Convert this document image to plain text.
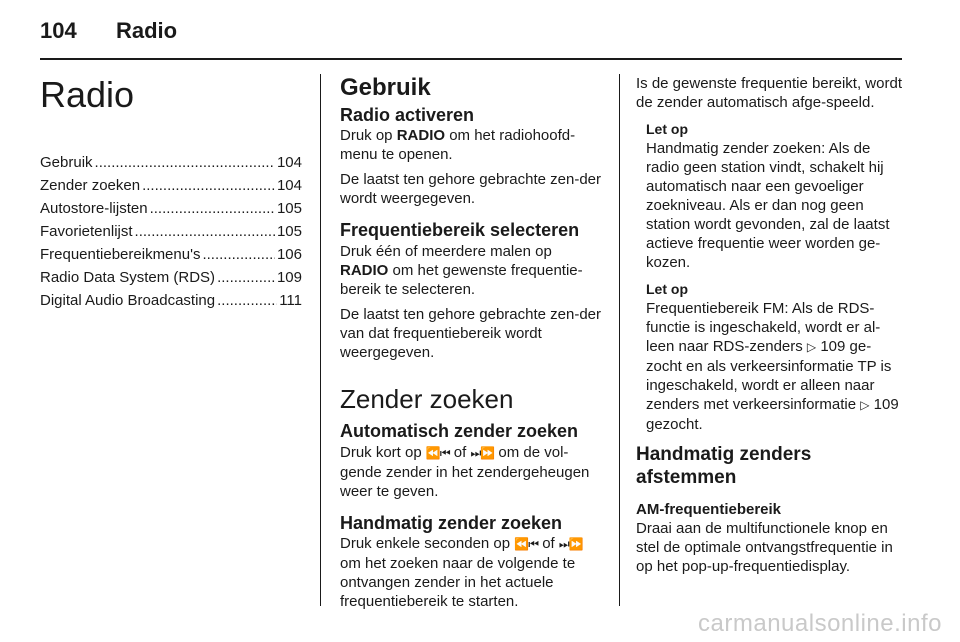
104 Radio
Radio
Gebruik .....	104
Zender zoeken .....	104
Autostore-lijsten .....	105
Favorietenlijst .....	105
Frequentiebereikmenu's .....	106
Radio Data System (RDS) .....	109
Digital Audio Broadcasting .....	111
Gebruik
Radio activeren

Druk op RADIO om het radiohoofd-menu te openen.

De laatst ten gehore gebrachte zen-der wordt weergegeven.

Frequentiebereik selecteren

Druk één of meerdere malen op RADIO om het gewenste frequentie-bereik te selecteren.

De laatst ten gehore gebrachte zen-der van dat frequentiebereik wordt weergegeven.

Zender zoeken
Automatisch zender zoeken

Druk kort op ⏪⏮ of ⏭⏩ om de vol-gende zender in het zendergeheugen weer te geven.

Handmatig zender zoeken

Druk enkele seconden op ⏪⏮ of ⏭⏩ om het zoeken naar de volgende te ontvangen zender in het actuele frequentiebereik te starten.

Is de gewenste frequentie bereikt, wordt de zender automatisch afge-speeld.

Let op

Handmatig zender zoeken: Als de radio geen station vindt, schakelt hij automatisch naar een gevoeliger zoekniveau. Als er dan nog geen station wordt gevonden, zal de laatst actieve frequentie weer worden ge-kozen.

Let op

Frequentiebereik FM: Als de RDS-functie is ingeschakeld, wordt er al-leen naar RDS-zenders ▷ 109 ge-zocht en als verkeersinformatie TP is ingeschakeld, wordt er alleen naar zenders met verkeersinformatie ▷ 109 gezocht.

Handmatig zenders afstemmen
AM-frequentiebereik

Draai aan de multifunctionele knop en stel de optimale ontvangstfrequentie in op het pop-up-frequentiedisplay.

carmanualsonline.info
